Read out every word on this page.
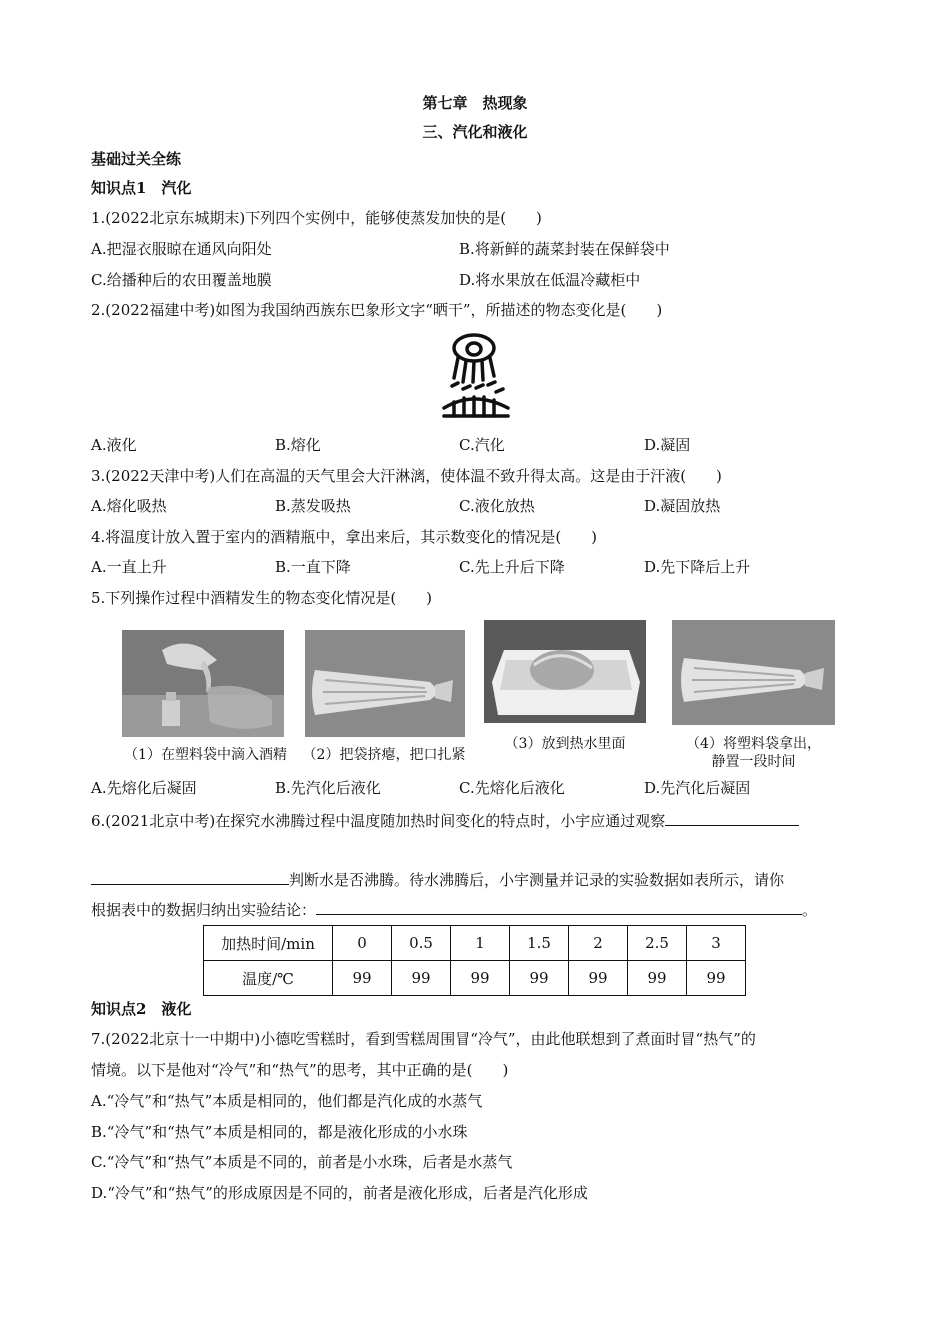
第七章　热现象
三、汽化和液化
基础过关全练
知识点1　汽化
1.(2022北京东城期末)下列四个实例中，能够使蒸发加快的是(　　)
A.把湿衣服晾在通风向阳处	B.将新鲜的蔬菜封装在保鲜袋中
C.给播种后的农田覆盖地膜	D.将水果放在低温冷藏柜中
2.(2022福建中考)如图为我国纳西族东巴象形文字“晒干”，所描述的物态变化是(　　)
A.液化	B.熔化	C.汽化	D.凝固
3.(2022天津中考)人们在高温的天气里会大汗淋漓，使体温不致升得太高。这是由于汗液(　　)
A.熔化吸热	B.蒸发吸热	C.液化放热	D.凝固放热
4.将温度计放入置于室内的酒精瓶中，拿出来后，其示数变化的情况是(　　)
A.一直上升	B.一直下降	C.先上升后下降	D.先下降后上升
5.下列操作过程中酒精发生的物态变化情况是(　　)
（1）在塑料袋中滴入酒精	（2）把袋挤瘪，把口扎紧
（3）放到热水里面	（4）将塑料袋拿出，
静置一段时间
A.先熔化后凝固	B.先汽化后液化	C.先熔化后液化	D.先汽化后凝固
6.(2021北京中考)在探究水沸腾过程中温度随加热时间变化的特点时，小宇应通过观察
判断水是否沸腾。待水沸腾后，小宇测量并记录的实验数据如表所示，请你
根据表中的数据归纳出实验结论：	。
加热时间/min	0	0.5	1	1.5	2	2.5	3
温度/℃	99	99	99	99	99	99	99
知识点2　液化
7.(2022北京十一中期中)小德吃雪糕时，看到雪糕周围冒“冷气”，由此他联想到了煮面时冒“热气”的
情境。以下是他对“冷气”和“热气”的思考，其中正确的是(　　)
A.“冷气”和“热气”本质是相同的，他们都是汽化成的水蒸气
B.“冷气”和“热气”本质是相同的，都是液化形成的小水珠
C.“冷气”和“热气”本质是不同的，前者是小水珠，后者是水蒸气
D.“冷气”和“热气”的形成原因是不同的，前者是液化形成，后者是汽化形成
